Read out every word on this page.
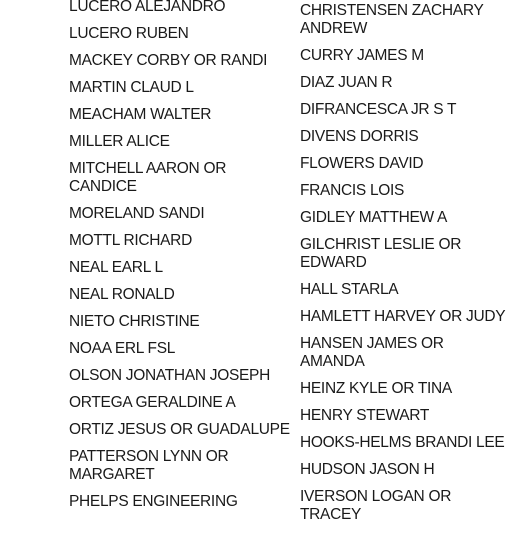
LUCERO ALEJANDRO
LUCERO RUBEN
MACKEY CORBY OR RANDI
MARTIN CLAUD L
MEACHAM WALTER
MILLER ALICE
MITCHELL AARON OR CANDICE
MORELAND SANDI
MOTTL RICHARD
NEAL EARL L
NEAL RONALD
NIETO CHRISTINE
NOAA ERL FSL
OLSON JONATHAN JOSEPH
ORTEGA GERALDINE A
ORTIZ JESUS OR GUADALUPE
PATTERSON LYNN OR MARGARET
PHELPS ENGINEERING
CHRISTENSEN ZACHARY ANDREW
CURRY JAMES M
DIAZ JUAN R
DIFRANCESCA JR S T
DIVENS DORRIS
FLOWERS DAVID
FRANCIS LOIS
GIDLEY MATTHEW A
GILCHRIST LESLIE OR EDWARD
HALL STARLA
HAMLETT HARVEY OR JUDY
HANSEN JAMES OR AMANDA
HEINZ KYLE OR TINA
HENRY STEWART
HOOKS-HELMS BRANDI LEE
HUDSON JASON H
IVERSON LOGAN OR TRACEY
